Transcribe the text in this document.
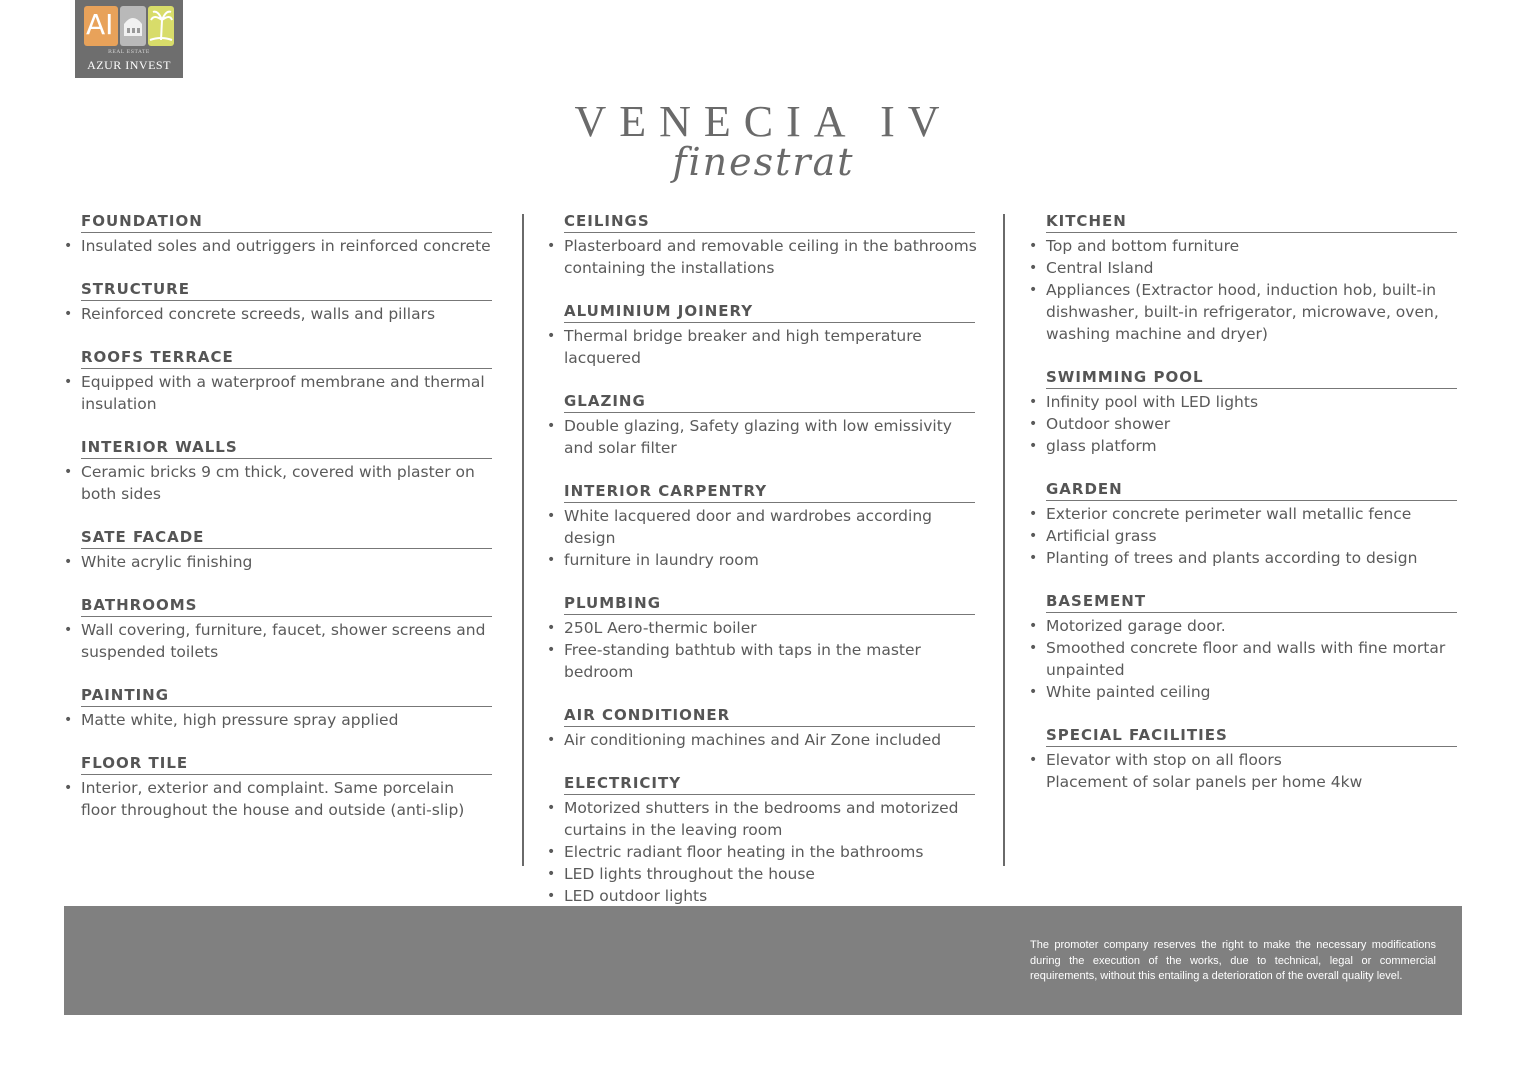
AI
REAL ESTATE
AZUR INVEST
VENECIA IV
finestrat
FOUNDATION
• Insulated soles and outriggers in reinforced concrete
STRUCTURE
• Reinforced concrete screeds, walls and pillars
ROOFS TERRACE
• Equipped with a waterproof membrane and thermal insulation
INTERIOR WALLS
• Ceramic bricks 9 cm thick, covered with plaster on both sides
SATE FACADE
• White acrylic finishing
BATHROOMS
• Wall covering, furniture, faucet, shower screens and suspended toilets
PAINTING
• Matte white, high pressure spray applied
FLOOR TILE
• Interior, exterior and complaint. Same porcelain floor throughout the house and outside (anti-slip)
CEILINGS
• Plasterboard and removable ceiling in the bathrooms containing the installations
ALUMINIUM JOINERY
• Thermal bridge breaker and high temperature lacquered
GLAZING
• Double glazing, Safety glazing with low emissivity and solar filter
INTERIOR CARPENTRY
• White lacquered door and wardrobes according design
• furniture in laundry room
PLUMBING
• 250L Aero-thermic boiler
• Free-standing bathtub with taps in the master bedroom
AIR CONDITIONER
• Air conditioning machines and Air Zone included
ELECTRICITY
• Motorized shutters in the bedrooms and motorized curtains in the leaving room
• Electric radiant floor heating in the bathrooms
• LED lights throughout the house
• LED outdoor lights
KITCHEN
• Top and bottom furniture
• Central Island
• Appliances (Extractor hood, induction hob, built-in dishwasher, built-in refrigerator, microwave, oven, washing machine and dryer)
SWIMMING POOL
• Infinity pool with LED lights
• Outdoor shower
• glass platform
GARDEN
• Exterior concrete perimeter wall metallic fence
• Artificial grass
• Planting of trees and plants according to design
BASEMENT
• Motorized garage door.
• Smoothed concrete floor and walls with fine mortar unpainted
• White painted ceiling
SPECIAL FACILITIES
• Elevator with stop on all floors
Placement of solar panels per home 4kw
The promoter company reserves the right to make the necessary modifications during the execution of the works, due to technical, legal or commercial requirements, without this entailing a deterioration of the overall quality level.
